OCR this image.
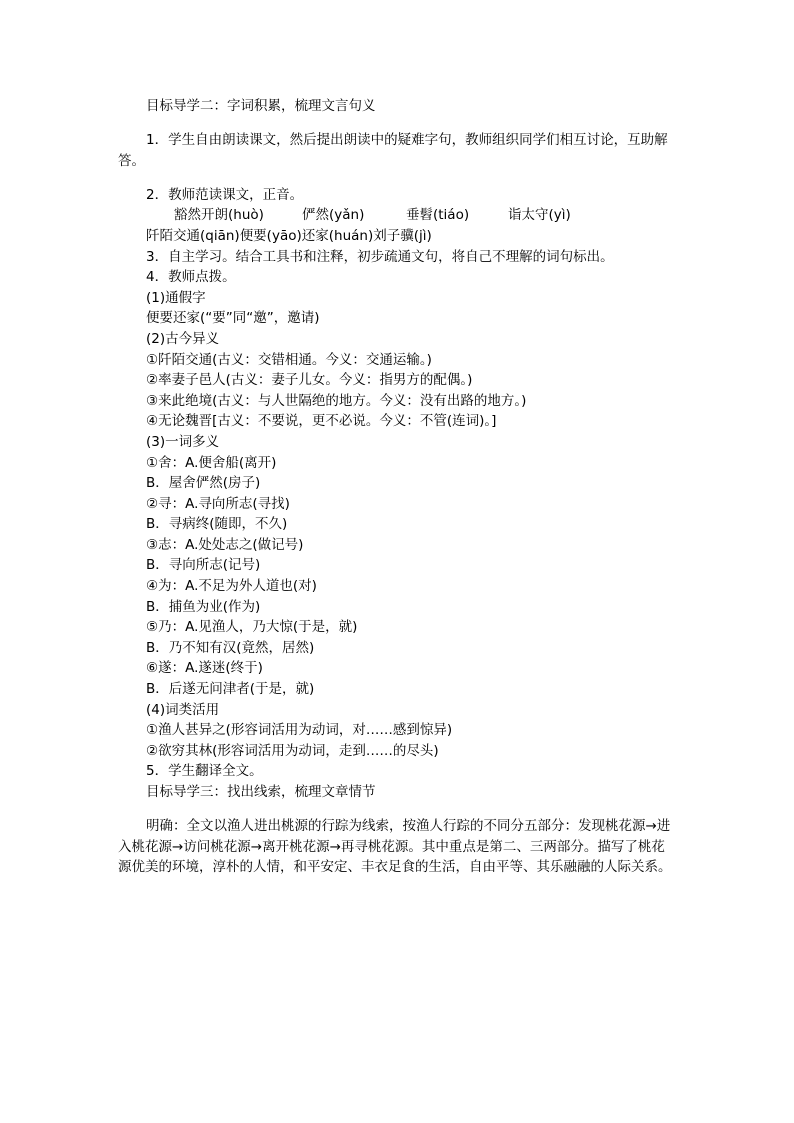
目标导学二：字词积累，梳理文言句义

1．学生自由朗读课文，然后提出朗读中的疑难字句，教师组织同学们相互讨论，互助解答。

2．教师范读课文，正音。

豁然开朗(huò)	俨然(yǎn)	垂髫(tiáo)	诣太守(yì)

阡陌交通(qiān)便要(yāo)还家(huán)刘子骥(jì)

3．自主学习。结合工具书和注释，初步疏通文句，将自己不理解的词句标出。

4．教师点拨。

(1)通假字

便要还家(“要”同“邀”，邀请)

(2)古今异义

①阡陌交通(古义：交错相通。今义：交通运输。)

②率妻子邑人(古义：妻子儿女。今义：指男方的配偶。)

③来此绝境(古义：与人世隔绝的地方。今义：没有出路的地方。)

④无论魏晋[古义：不要说，更不必说。今义：不管(连词)。]

(3)一词多义

①舍：A.便舍船(离开)

B．屋舍俨然(房子)

②寻：A.寻向所志(寻找)

B．寻病终(随即，不久)

③志：A.处处志之(做记号)

B．寻向所志(记号)

④为：A.不足为外人道也(对)

B．捕鱼为业(作为)

⑤乃：A.见渔人，乃大惊(于是，就)

B．乃不知有汉(竟然，居然)

⑥遂：A.遂迷(终于)

B．后遂无问津者(于是，就)

(4)词类活用

①渔人甚异之(形容词活用为动词，对……感到惊异)

②欲穷其林(形容词活用为动词，走到……的尽头)

5．学生翻译全文。

目标导学三：找出线索，梳理文章情节

明确：全文以渔人进出桃源的行踪为线索，按渔人行踪的不同分五部分：发现桃花源→进入桃花源→访问桃花源→离开桃花源→再寻桃花源。其中重点是第二、三两部分。描写了桃花源优美的环境，淳朴的人情，和平安定、丰衣足食的生活，自由平等、其乐融融的人际关系。
